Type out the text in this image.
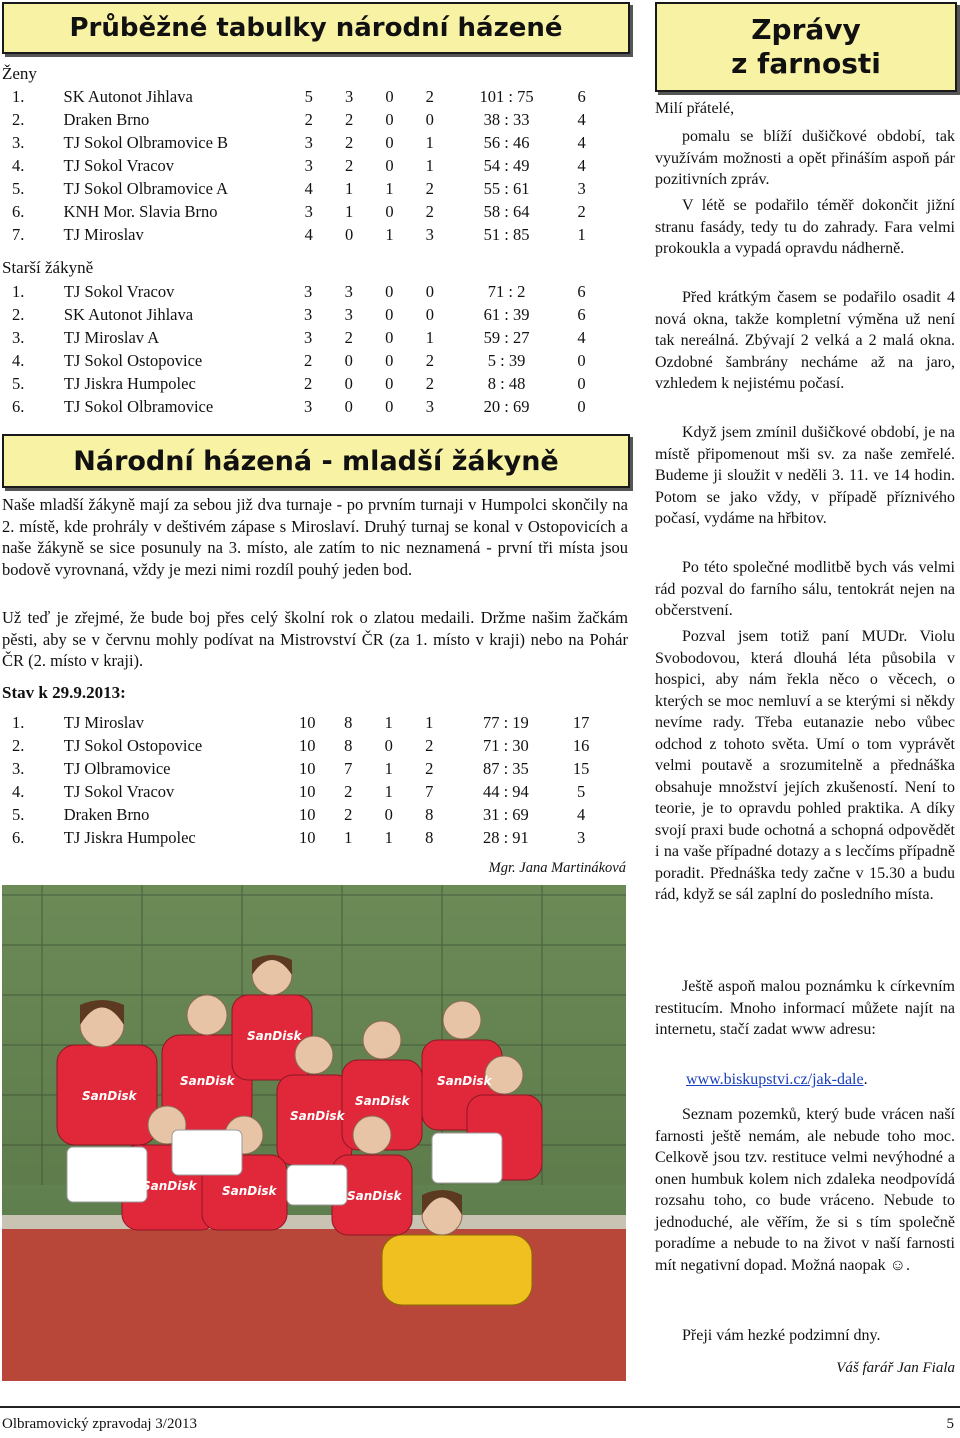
Průběžné tabulky národní házené
Ženy
1.	SK Autonot Jihlava	5	3	0	2	101 : 75	6
2.	Draken Brno	2	2	0	0	38 : 33	4
3.	TJ Sokol Olbramovice B	3	2	0	1	56 : 46	4
4.	TJ Sokol Vracov	3	2	0	1	54 : 49	4
5.	TJ Sokol Olbramovice A	4	1	1	2	55 : 61	3
6.	KNH Mor. Slavia Brno	3	1	0	2	58 : 64	2
7.	TJ Miroslav	4	0	1	3	51 : 85	1
Starší žákyně
1.	TJ Sokol Vracov	3	3	0	0	71 : 2	6
2.	SK Autonot Jihlava	3	3	0	0	61 : 39	6
3.	TJ Miroslav A	3	2	0	1	59 : 27	4
4.	TJ Sokol Ostopovice	2	0	0	2	5 : 39	0
5.	TJ Jiskra Humpolec	2	0	0	2	8 : 48	0
6.	TJ Sokol Olbramovice	3	0	0	3	20 : 69	0
Národní házená - mladší žákyně

Naše mladší žákyně mají za sebou již dva turnaje - po prvním turnaji v Humpolci skončily na 2. místě, kde prohrály v deštivém zápase s Miroslaví. Druhý turnaj se konal v Ostopovicích a naše žákyně se sice posunuly na 3. místo, ale zatím to nic neznamená - první tři místa jsou bodově vyrovnaná, vždy je mezi nimi rozdíl pouhý jeden bod.

Už teď je zřejmé, že bude boj přes celý školní rok o zlatou medaili. Držme našim žačkám pěsti, aby se v červnu mohly podívat na Mistrovství ČR (za 1. místo v kraji) nebo na Pohár ČR (2. místo v kraji).

Stav k 29.9.2013:
1.	TJ Miroslav	10	8	1	1	77 : 19	17
2.	TJ Sokol Ostopovice	10	8	0	2	71 : 30	16
3.	TJ Olbramovice	10	7	1	2	87 : 35	15
4.	TJ Sokol Vracov	10	2	1	7	44 : 94	5
5.	Draken Brno	10	2	0	8	31 : 69	4
6.	TJ Jiskra Humpolec	10	1	1	8	28 : 91	3
Mgr. Jana Martináková
SanDisk
SanDisk
SanDisk
SanDisk
SanDisk
SanDisk
SanDisk SanDisk	SanDisk
Zprávy
z farnosti

Milí přátelé,

pomalu se blíží dušičkové období, tak využívám možnosti a opět přináším aspoň pár pozitivních zpráv.

V létě se podařilo téměř dokončit jižní stranu fasády, tedy tu do zahrady. Fara velmi prokoukla a vypadá opravdu nádherně.

Před krátkým časem se podařilo osadit 4 nová okna, takže kompletní výměna už není tak nereálná. Zbývají 2 velká a 2 malá okna. Ozdobné šambrány necháme až na jaro, vzhledem k nejistému počasí.

Když jsem zmínil dušičkové období, je na místě připomenout mši sv. za naše zemřelé. Budeme ji sloužit v neděli 3. 11. ve 14 hodin. Potom se jako vždy, v případě příznivého počasí, vydáme na hřbitov.

Po této společné modlitbě bych vás velmi rád pozval do farního sálu, tentokrát nejen na občerstvení.

Pozval jsem totiž paní MUDr. Violu Svobodovou, která dlouhá léta působila v hospici, aby nám řekla něco o věcech, o kterých se moc nemluví a se kterými si někdy nevíme rady. Třeba eutanazie nebo vůbec odchod z tohoto světa. Umí o tom vyprávět velmi poutavě a srozumitelně a přednáška obsahuje množství jejích zkušeností. Není to teorie, je to opravdu pohled praktika. A díky svojí praxi bude ochotná a schopná odpovědět i na vaše případné dotazy a s lecčíms případně poradit. Přednáška tedy začne v 15.30 a budu rád, když se sál zaplní do posledního místa.

Ještě aspoň malou poznámku k církevním restitucím. Mnoho informací můžete najít na internetu, stačí zadat www adresu:

www.biskupstvi.cz/jak-dale.

Seznam pozemků, který bude vrácen naší farnosti ještě nemám, ale nebude toho moc. Celkově jsou tzv. restituce velmi nevýhodné a onen humbuk kolem nich zdaleka neodpovídá rozsahu toho, co bude vráceno. Nebude to jednoduché, ale věřím, že si s tím společně poradíme a nebude to na život v naší farnosti mít negativní dopad. Možná naopak ☺.

Přeji vám hezké podzimní dny.

Váš farář Jan Fiala
Olbramovický zpravodaj 3/2013	5
